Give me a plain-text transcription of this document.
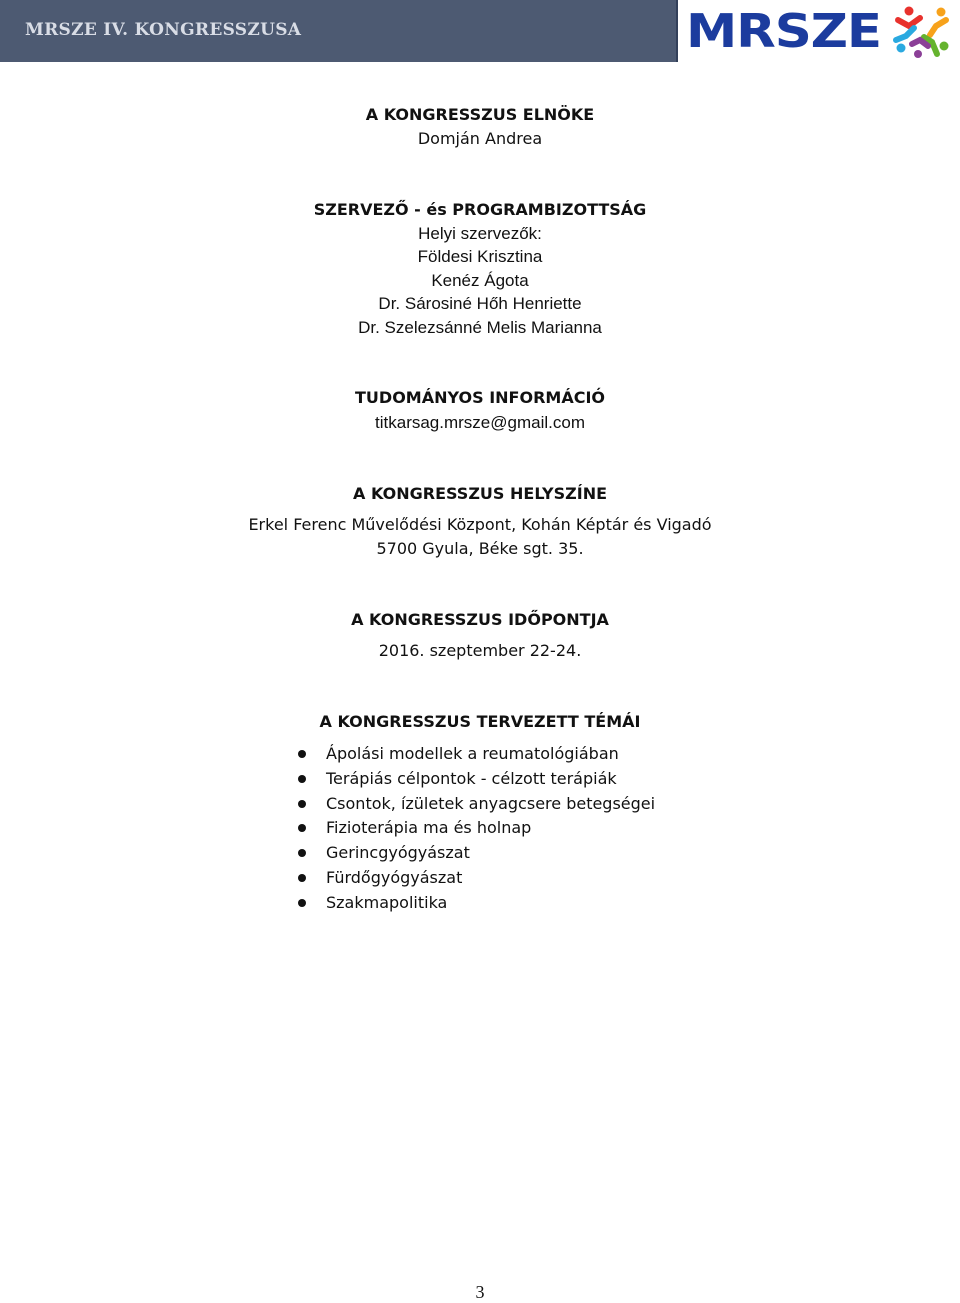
MRSZE IV. KONGRESSZUSA	MRSZE
A KONGRESSZUS ELNÖKE
Domján Andrea
SZERVEZŐ - és PROGRAMBIZOTTSÁG
Helyi szervezők:
Földesi Krisztina
Kenéz Ágota
Dr. Sárosiné Hőh Henriette
Dr. Szelezsánné Melis Marianna
TUDOMÁNYOS INFORMÁCIÓ
titkarsag.mrsze@gmail.com
A KONGRESSZUS HELYSZÍNE
Erkel Ferenc Művelődési Központ, Kohán Képtár és Vigadó
5700 Gyula, Béke sgt. 35.
A KONGRESSZUS IDŐPONTJA
2016. szeptember 22-24.
A KONGRESSZUS TERVEZETT TÉMÁI
Ápolási modellek a reumatológiában
Terápiás célpontok - célzott terápiák
Csontok, ízületek anyagcsere betegségei
Fizioterápia ma és holnap
Gerincgyógyászat
Fürdőgyógyászat
Szakmapolitika
3
